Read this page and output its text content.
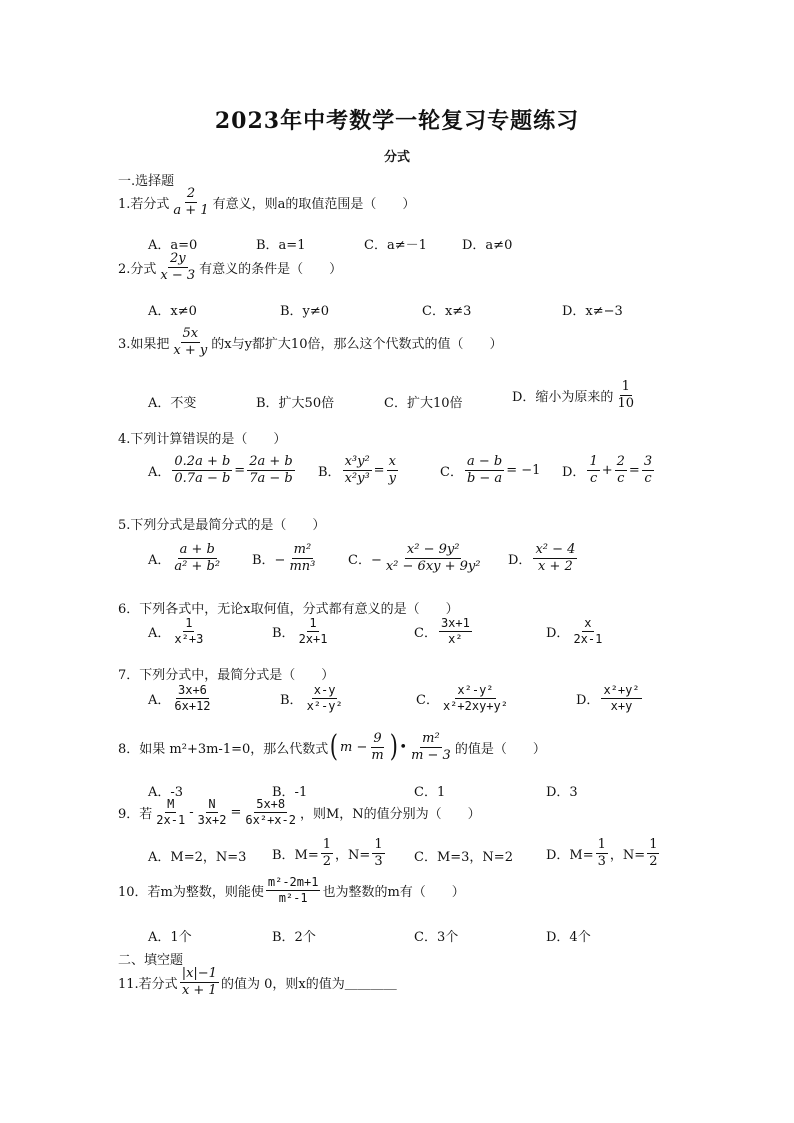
2023年中考数学一轮复习专题练习
分式
一.选择题
1.若分式 $\frac{2}{a + 1}$ 有意义，则a的取值范围是（　　）
A．a=0	B．a=1	C．a≠－1	D．a≠0
2.分式 $\frac{2y}{x - 3}$ 有意义的条件是（　　）
A．x≠0	B．y≠0	C．x≠3	D．x≠−3
3.如果把 $\frac{5x}{x + y}$ 的x与y都扩大10倍，那么这个代数式的值（　　）
A．不变	B．扩大50倍	C．扩大10倍	D．缩小为原来的 $\frac{1}{10}$
4.下列计算错误的是（　　）
A． $\frac{0.2a + b}{0.7a - b} = \frac{2a + b}{7a - b}$ B． $\frac{\text{x³y²}}{\text{x²y³}} = \frac{x}{y}$	C． $\frac{a - b}{b - a} = -1$ D． $\frac{1}{c} + \frac{2}{c} = \frac{3}{c}$
5.下列分式是最简分式的是（　　）
A． $\frac{a + b}{\text{a² + b²}}$ B．− $\frac{\text{m²}}{\text{mn³}}$ C．− $\frac{\text{x² − 9y²}}{\text{x² − 6xy + 9y²}}$ D． $\frac{\text{x² − 4}}{x + 2}$
6．下列各式中，无论x取何值，分式都有意义的是（　　）
A． $\frac{1}{\text{x²+3}}$	B． $\frac{1}{2x+1}$	C． $\frac{3x+1}{\text{x²}}$	D． $\frac{x}{2x-1}$
7．下列分式中，最简分式是（　　）
A． $\frac{3x+6}{6x+12}$	B． $\frac{x-y}{\text{x²-y²}}$	C． $\frac{\text{x²-y²}}{\text{x²+2xy+y²}}$	D． $\frac{\text{x²+y²}}{x+y}$
8．如果 m²+3m-1=0，那么代数式 ( $m - \frac{9}{m}$ ) • $\frac{\text{m²}}{m - 3}$ 的值是（　　）
A．-3	B．-1	C．1	D．3
9．若 $\frac{M}{2x-1} - \frac{N}{3x+2} = \frac{5x+8}{\text{6x²+x-2}}$ ，则M，N的值分别为（　　）
A．M=2，N=3 B．$M= \frac{1}{2}$ ，$N= \frac{1}{3}$ C．M=3，N=2	D．$M= \frac{1}{3}$ ，$N= \frac{1}{2}$
10．若m为整数，则能使 $\frac{\text{m²-2m+1}}{\text{m²-1}}$ 也为整数的m有（　　）
A．1个	B．2个	C．3个	D．4个
二、填空题
11.若分式 $\frac{|x|-1}{x + 1}$ 的值为 0，则x的值为＿＿＿＿
